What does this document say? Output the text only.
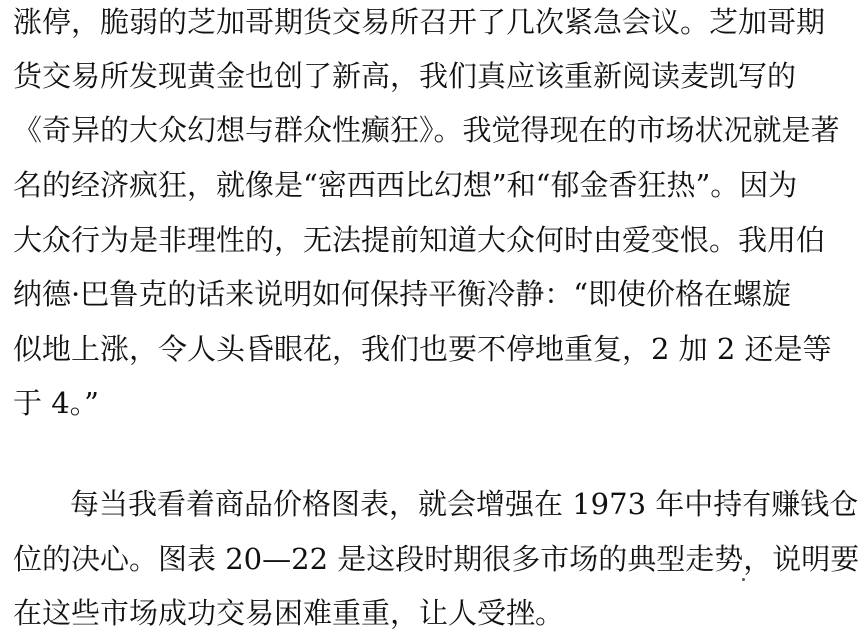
涨停，脆弱的芝加哥期货交易所召开了几次紧急会议。芝加哥期
货交易所发现黄金也创了新高，我们真应该重新阅读麦凯写的
《奇异的大众幻想与群众性癫狂》。我觉得现在的市场状况就是著
名的经济疯狂，就像是“密西西比幻想”和“郁金香狂热”。因为
大众行为是非理性的，无法提前知道大众何时由爱变恨。我用伯
纳德·巴鲁克的话来说明如何保持平衡冷静：“即使价格在螺旋
似地上涨，令人头昏眼花，我们也要不停地重复，2 加 2 还是等
于 4。”
每当我看着商品价格图表，就会增强在 1973 年中持有赚钱仓
位的决心。图表 20—22 是这段时期很多市场的典型走势，说明要
在这些市场成功交易困难重重，让人受挫。
